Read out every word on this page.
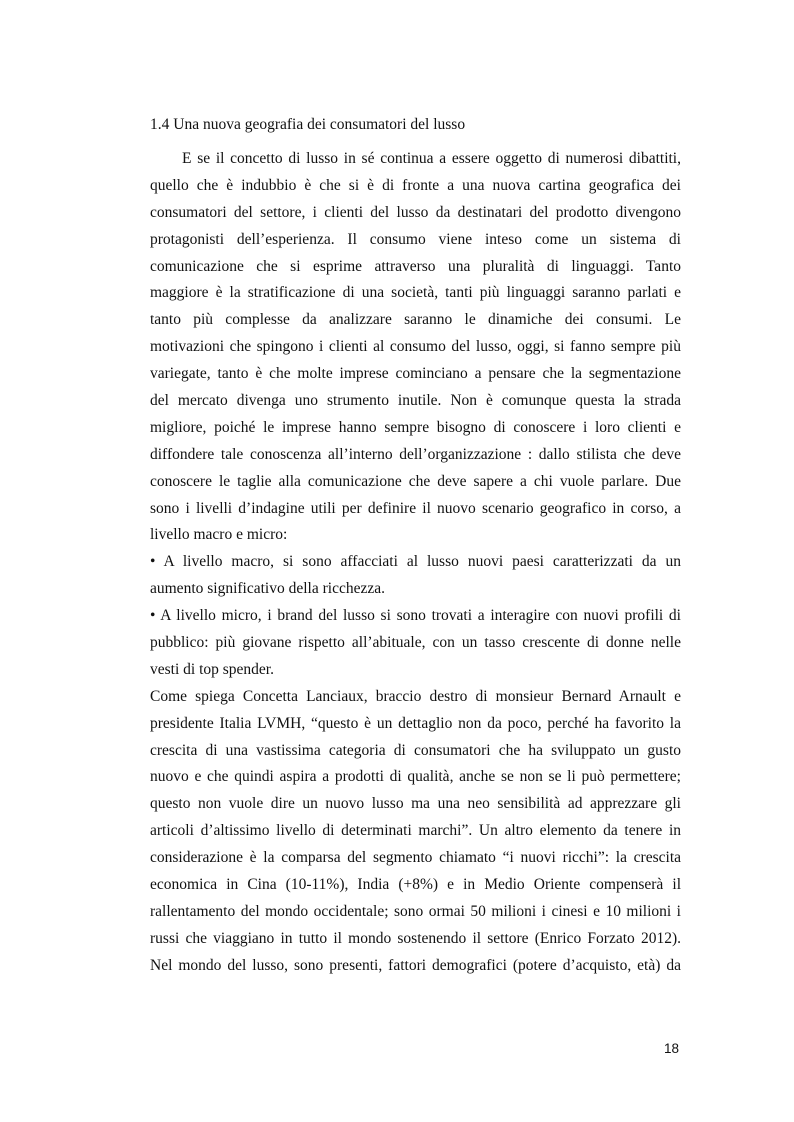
1.4 Una nuova geografia dei consumatori del lusso
E se il concetto di lusso in sé continua a essere oggetto di numerosi dibattiti,
quello che è indubbio è che si è di fronte a una nuova cartina geografica dei
consumatori del settore, i clienti del lusso da destinatari del prodotto divengono
protagonisti dell’esperienza. Il consumo viene inteso come un sistema di
comunicazione che si esprime attraverso una pluralità di linguaggi. Tanto
maggiore è la stratificazione di una società, tanti più linguaggi saranno parlati e
tanto più complesse da analizzare saranno le dinamiche dei consumi. Le
motivazioni che spingono i clienti al consumo del lusso, oggi, si fanno sempre più
variegate, tanto è che molte imprese cominciano a pensare che la segmentazione
del mercato divenga uno strumento inutile. Non è comunque questa la strada
migliore, poiché le imprese hanno sempre bisogno di conoscere i loro clienti e
diffondere tale conoscenza all’interno dell’organizzazione : dallo stilista che deve
conoscere le taglie alla comunicazione che deve sapere a chi vuole parlare. Due
sono i livelli d’indagine utili per definire il nuovo scenario geografico in corso, a
livello macro e micro:
• A livello macro, si sono affacciati al lusso nuovi paesi caratterizzati da un
aumento significativo della ricchezza.
• A livello micro, i brand del lusso si sono trovati a interagire con nuovi profili di
pubblico: più giovane rispetto all’abituale, con un tasso crescente di donne nelle
vesti di top spender.
Come spiega Concetta Lanciaux, braccio destro di monsieur Bernard Arnault e
presidente Italia LVMH, “questo è un dettaglio non da poco, perché ha favorito la
crescita di una vastissima categoria di consumatori che ha sviluppato un gusto
nuovo e che quindi aspira a prodotti di qualità, anche se non se li può permettere;
questo non vuole dire un nuovo lusso ma una neo sensibilità ad apprezzare gli
articoli d’altissimo livello di determinati marchi”. Un altro elemento da tenere in
considerazione è la comparsa del segmento chiamato “i nuovi ricchi”: la crescita
economica in Cina (10-11%), India (+8%) e in Medio Oriente compenserà il
rallentamento del mondo occidentale; sono ormai 50 milioni i cinesi e 10 milioni i
russi che viaggiano in tutto il mondo sostenendo il settore (Enrico Forzato 2012).
Nel mondo del lusso, sono presenti, fattori demografici (potere d’acquisto, età) da
18
